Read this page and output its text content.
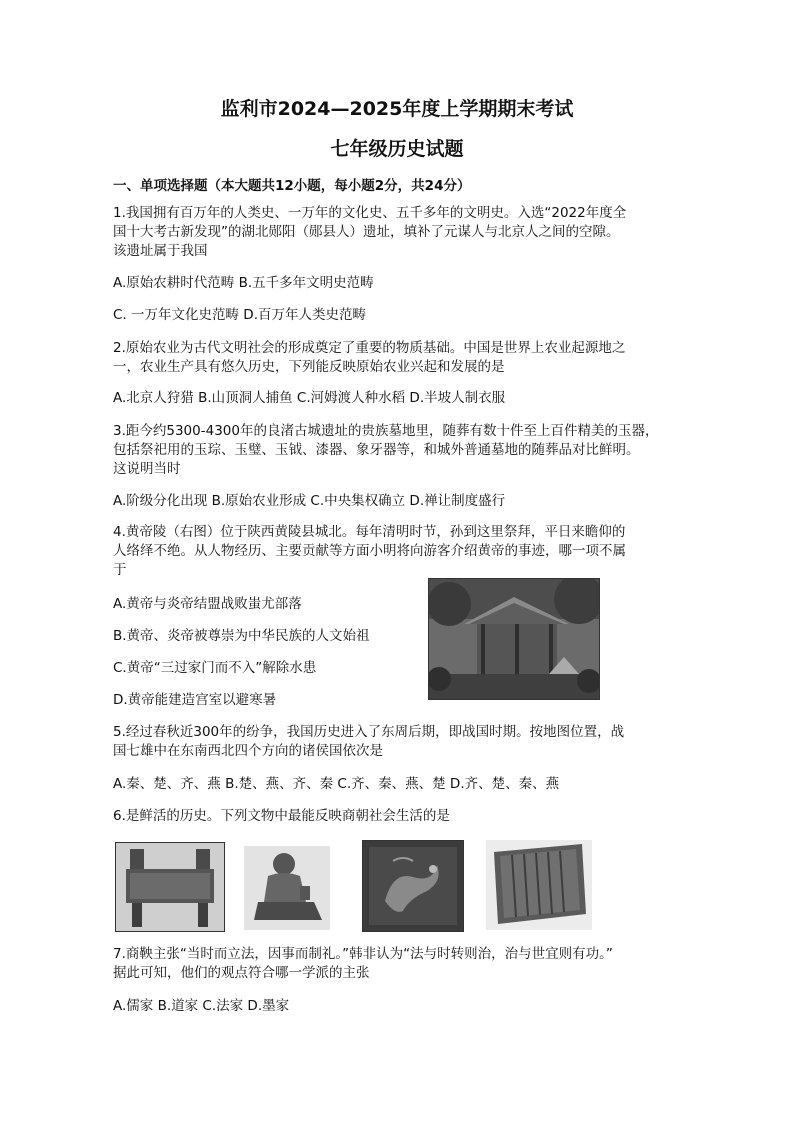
监利市2024—2025年度上学期期末考试
七年级历史试题
一、单项选择题（本大题共12小题，每小题2分，共24分）
1.我国拥有百万年的人类史、一万年的文化史、五千多年的文明史。入选“2022年度全
国十大考古新发现”的湖北郧阳（郧县人）遗址，填补了元谋人与北京人之间的空隙。
该遗址属于我国
A.原始农耕时代范畴 B.五千多年文明史范畴
C. 一万年文化史范畴 D.百万年人类史范畴
2.原始农业为古代文明社会的形成奠定了重要的物质基础。中国是世界上农业起源地之
一，农业生产具有悠久历史，下列能反映原始农业兴起和发展的是
A.北京人狩猎 B.山顶洞人捕鱼 C.河姆渡人种水稻 D.半坡人制衣服
3.距今约5300-4300年的良渚古城遗址的贵族墓地里，随葬有数十件至上百件精美的玉器，
包括祭祀用的玉琮、玉璧、玉钺、漆器、象牙器等，和城外普通墓地的随葬品对比鲜明。
这说明当时
A.阶级分化出现 B.原始农业形成 C.中央集权确立 D.禅让制度盛行
4.黄帝陵（右图）位于陕西黄陵县城北。每年清明时节，孙到这里祭拜，平日来瞻仰的
人络绎不绝。从人物经历、主要贡献等方面小明将向游客介绍黄帝的事迹，哪一项不属
于
A.黄帝与炎帝结盟战败蚩尤部落
B.黄帝、炎帝被尊崇为中华民族的人文始祖
C.黄帝“三过家门而不入”解除水患
D.黄帝能建造宫室以避寒暑
5.经过春秋近300年的纷争，我国历史进入了东周后期，即战国时期。按地图位置，战
国七雄中在东南西北四个方向的诸侯国依次是
A.秦、楚、齐、燕 B.楚、燕、齐、秦 C.齐、秦、燕、楚 D.齐、楚、秦、燕
6.是鲜活的历史。下列文物中最能反映商朝社会生活的是
7.商鞅主张“当时而立法，因事而制礼。”韩非认为“法与时转则治，治与世宜则有功。”
据此可知，他们的观点符合哪一学派的主张
A.儒家 B.道家 C.法家 D.墨家
